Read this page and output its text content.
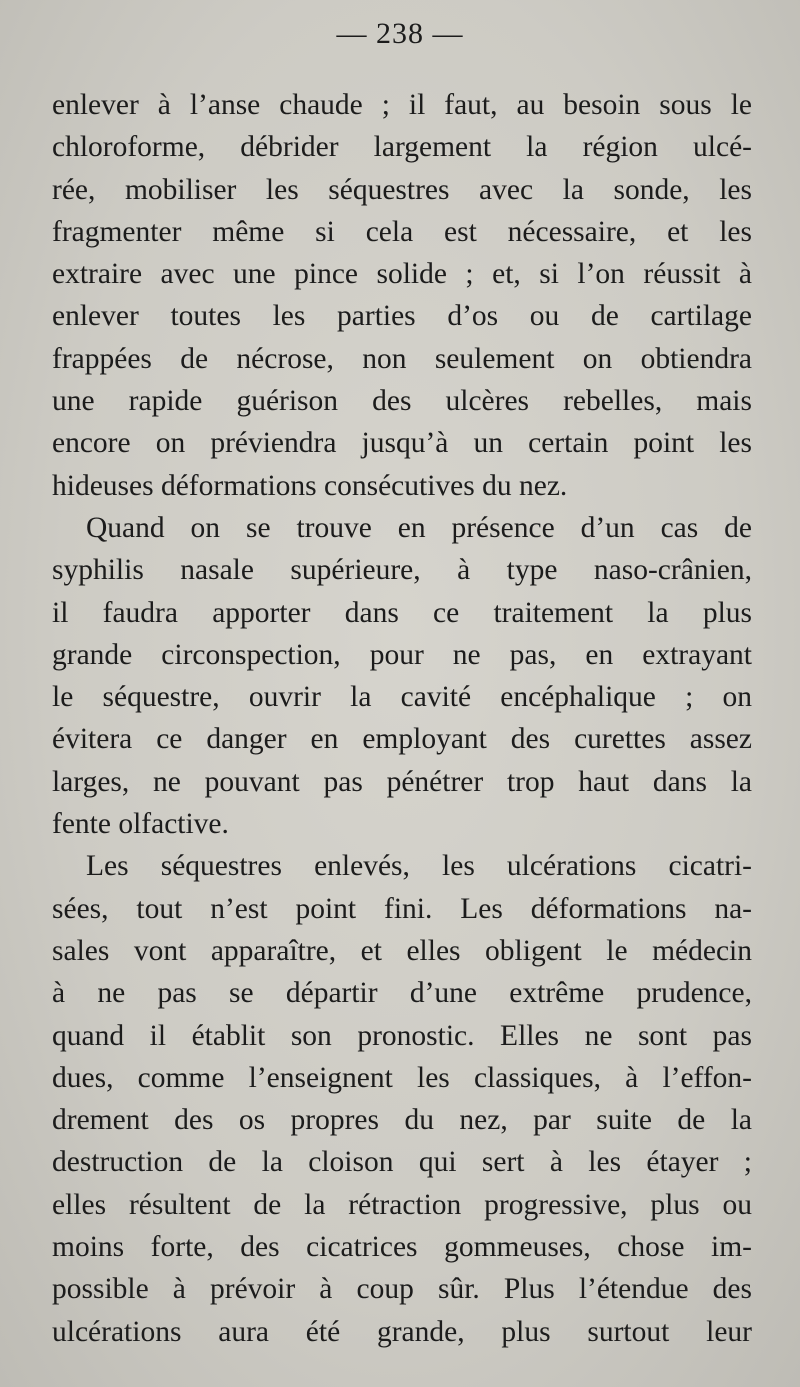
— 238 —
enlever à l’anse chaude ; il faut, au besoin sous le
chloroforme, débrider largement la région ulcé-
rée, mobiliser les séquestres avec la sonde, les
fragmenter même si cela est nécessaire, et les
extraire avec une pince solide ; et, si l’on réussit à
enlever toutes les parties d’os ou de cartilage
frappées de nécrose, non seulement on obtiendra
une rapide guérison des ulcères rebelles, mais
encore on préviendra jusqu’à un certain point les
hideuses déformations consécutives du nez.
Quand on se trouve en présence d’un cas de
syphilis nasale supérieure, à type naso-crânien,
il faudra apporter dans ce traitement la plus
grande circonspection, pour ne pas, en extrayant
le séquestre, ouvrir la cavité encéphalique ; on
évitera ce danger en employant des curettes assez
larges, ne pouvant pas pénétrer trop haut dans la
fente olfactive.
Les séquestres enlevés, les ulcérations cicatri-
sées, tout n’est point fini. Les déformations na-
sales vont apparaître, et elles obligent le médecin
à ne pas se départir d’une extrême prudence,
quand il établit son pronostic. Elles ne sont pas
dues, comme l’enseignent les classiques, à l’effon-
drement des os propres du nez, par suite de la
destruction de la cloison qui sert à les étayer ;
elles résultent de la rétraction progressive, plus ou
moins forte, des cicatrices gommeuses, chose im-
possible à prévoir à coup sûr. Plus l’étendue des
ulcérations aura été grande, plus surtout leur
